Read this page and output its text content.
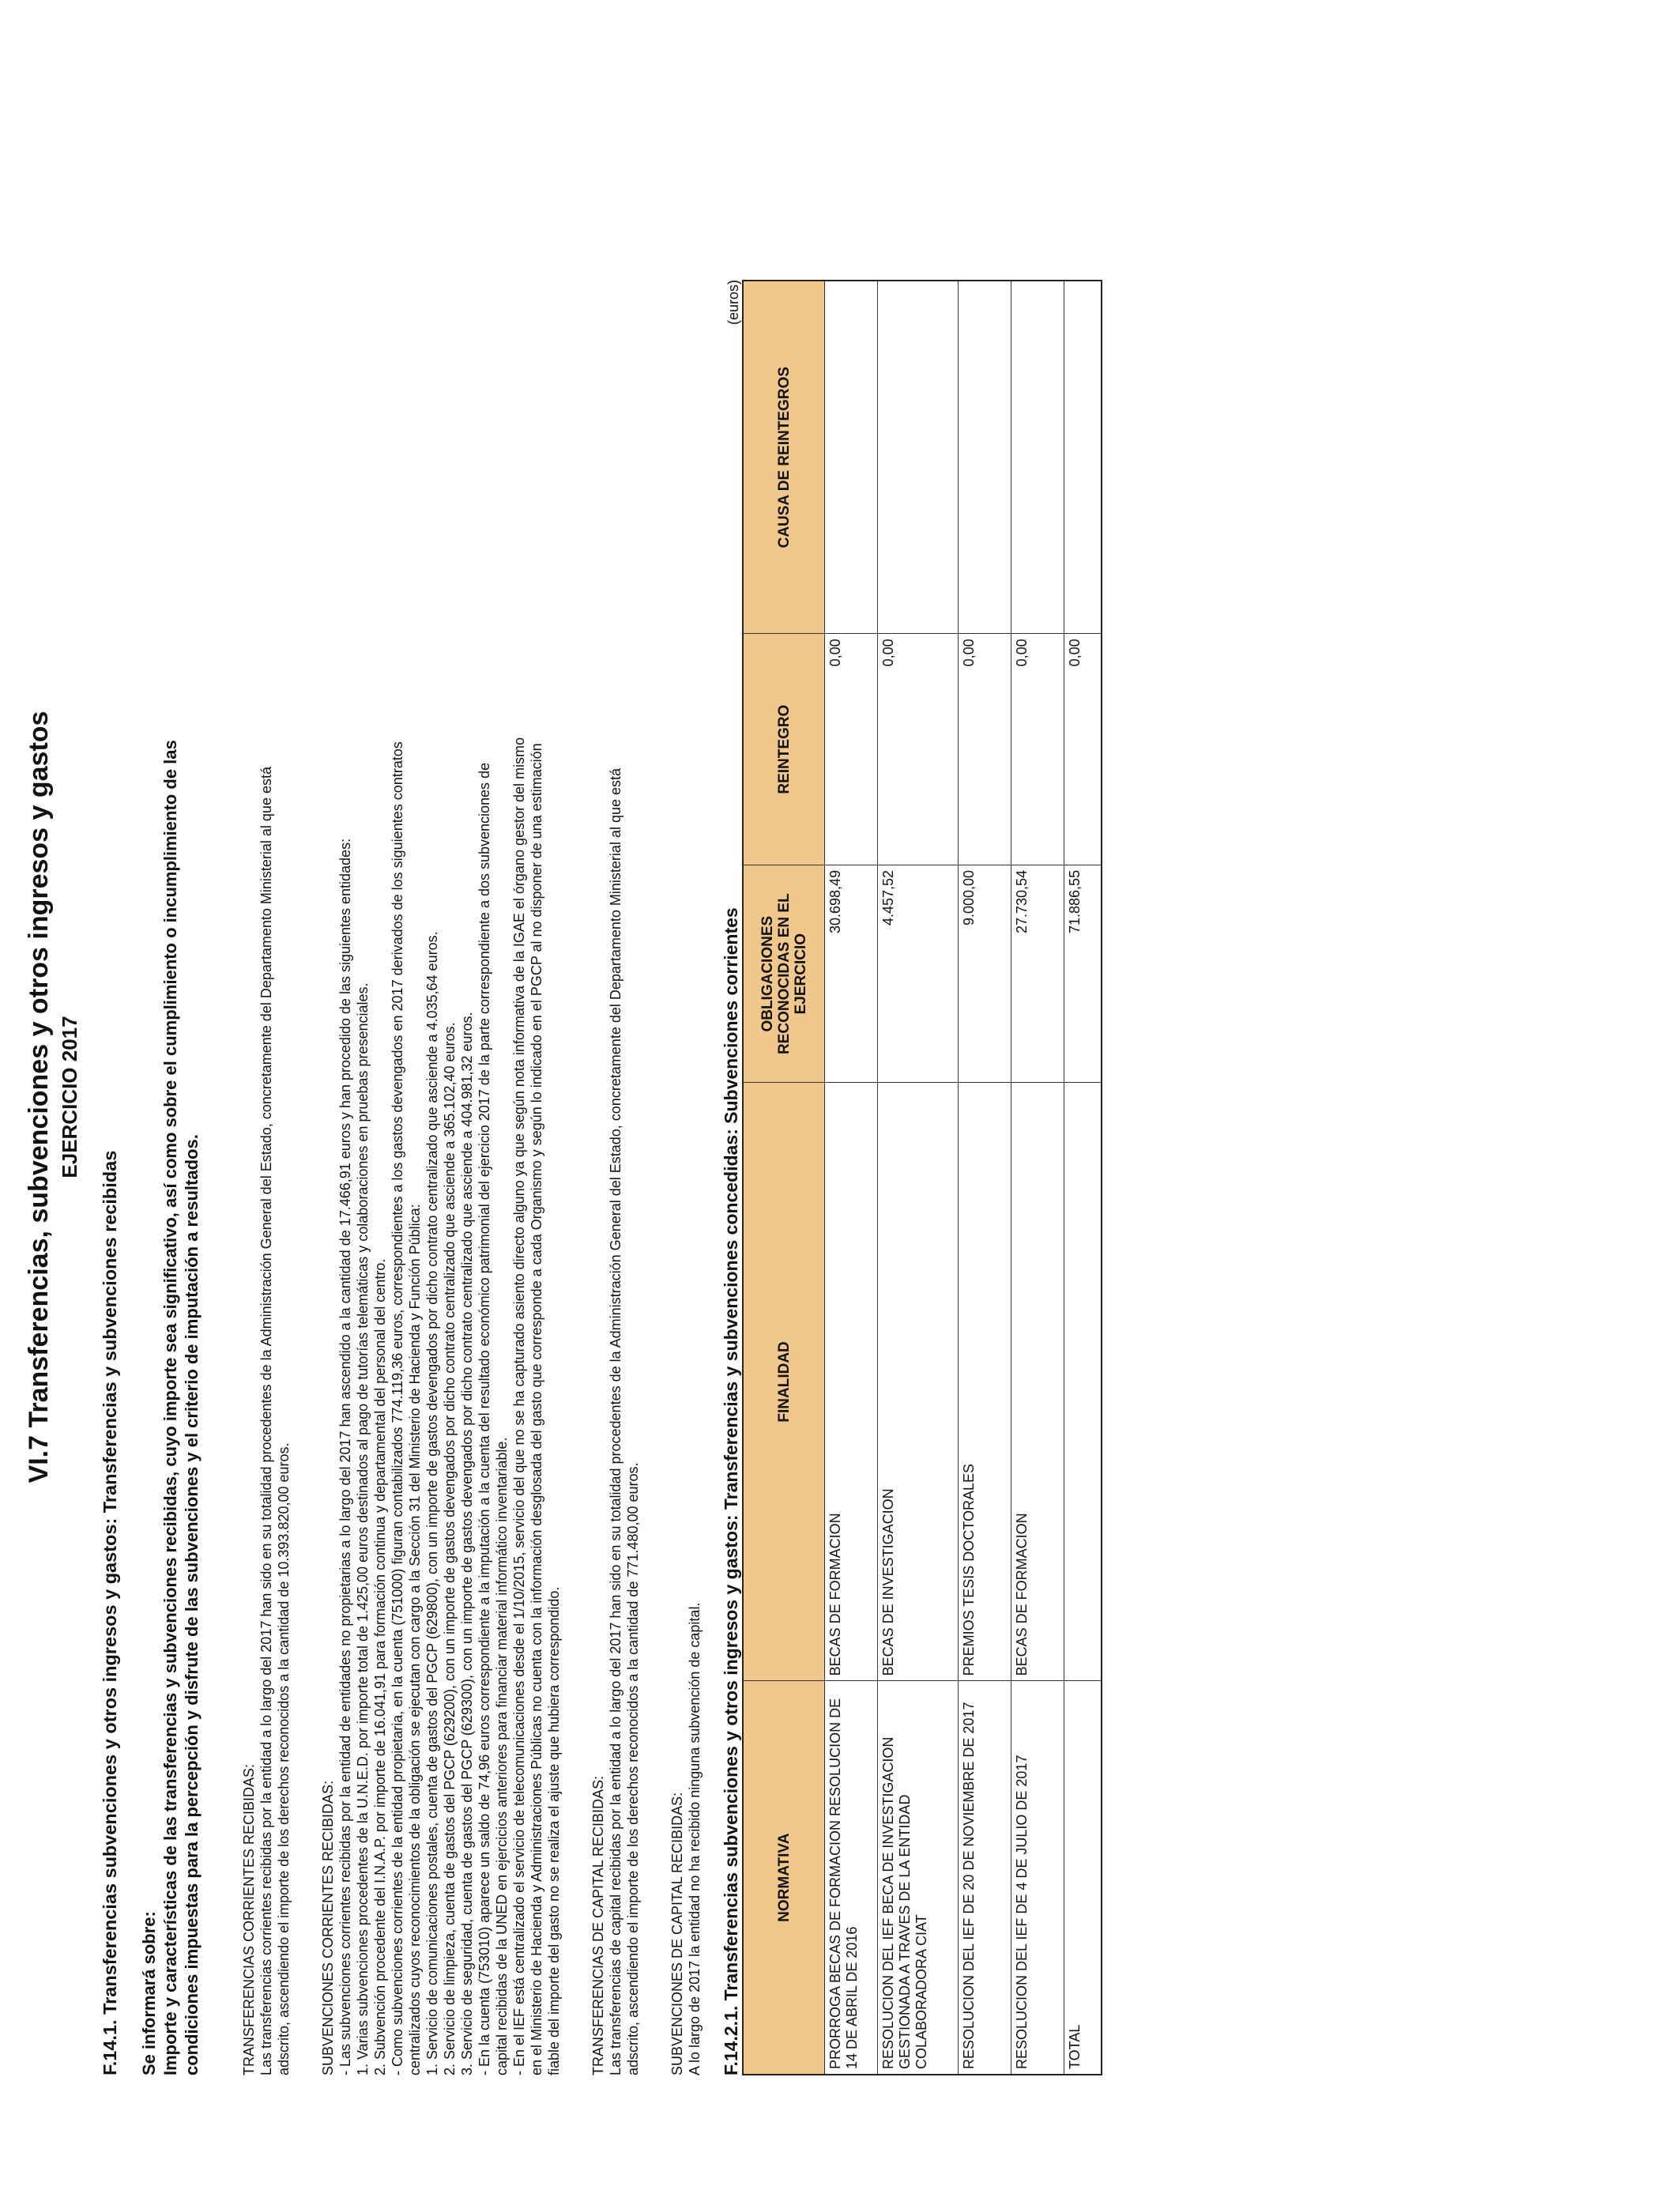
VI.7 Transferencias, subvenciones y otros ingresos y gastos EJERCICIO 2017
F.14.1. Transferencias subvenciones y otros ingresos y gastos: Transferencias y subvenciones recibidas Se informará sobre: Importe y características de las transferencias y subvenciones recibidas, cuyo importe sea significativo, así como sobre el cumplimiento o incumplimiento de las condiciones impuestas para la percepción y disfrute de las subvenciones y el criterio de imputación a resultados.	TRANSFERENCIAS CORRIENTES RECIBIDAS: Las transferencias corrientes recibidas por la entidad a lo largo del 2017 han sido en su totalidad procedentes de la Administración General del Estado, concretamente del Departamento Ministerial al que está adscrito, ascendiendo el importe de los derechos reconocidos a la cantidad de 10.393.820,00 euros. SUBVENCIONES CORRIENTES RECIBIDAS: - Las subvenciones corrientes recibidas por la entidad de entidades no propietarias a lo largo del 2017 han ascendido a la cantidad de 17.466,91 euros y han procedido de las siguientes entidades: 1. Varias subvenciones procedentes de la U.N.E.D. por importe total de 1.425,00 euros destinados al pago de tutorías telemáticas y colaboraciones en pruebas presenciales. 2. Subvención procedente del I.N.A.P. por importe de 16.041,91 para formación continua y departamental del personal del centro. - Como subvenciones corrientes de la entidad propietaria, en la cuenta (751000) figuran contabilizados 774.119,36 euros, correspondientes a los gastos devengados en 2017 derivados de los siguientes contratos centralizados cuyos reconocimientos de la obligación se ejecutan con cargo a la Sección 31 del Ministerio de Hacienda y Función Pública: 1. Servicio de comunicaciones postales, cuenta de gastos del PGCP (629800), con un importe de gastos devengados por dicho contrato centralizado que asciende a 4.035,64 euros. 2. Servicio de limpieza, cuenta de gastos del PGCP (629200), con un importe de gastos devengados por dicho contrato centralizado que asciende a 365.102,40 euros. 3. Servicio de seguridad, cuenta de gastos del PGCP (629300), con un importe de gastos devengados por dicho contrato centralizado que asciende a 404.981,32 euros. - En la cuenta (753010) aparece un saldo de 74,96 euros correspondiente a la imputación a la cuenta del resultado económico patrimonial del ejercicio 2017 de la parte correspondiente a dos subvenciones de capital recibidas de la UNED en ejercicios anteriores para financiar material informático inventariable. - En el IEF está centralizado el servicio de telecomunicaciones desde el 1/10/2015, servicio del que no se ha capturado asiento directo alguno ya que según nota informativa de la IGAE el órgano gestor del mismo en el Ministerio de Hacienda y Administraciones Públicas no cuenta con la información desglosada del gasto que corresponde a cada Organismo y según lo indicado en el PGCP al no disponer de una estimación fiable del importe del gasto no se realiza el ajuste que hubiera correspondido. TRANSFERENCIAS DE CAPITAL RECIBIDAS: Las transferencias de capital recibidas por la entidad a lo largo del 2017 han sido en su totalidad procedentes de la Administración General del Estado, concretamente del Departamento Ministerial al que está adscrito, ascendiendo el importe de los derechos reconocidos a la cantidad de 771.480,00 euros. SUBVENCIONES DE CAPITAL RECIBIDAS: A lo largo de 2017 la entidad no ha recibido ninguna subvención de capital. F.14.2.1. Transferencias subvenciones y otros ingresos y gastos: Transferencias y subvenciones concedidas: Subvenciones corrientes
(euros)
NORMATIVA	FINALIDAD	OBLIGACIONES RECONOCIDAS EN EL EJERCICIO	REINTEGRO	CAUSA DE REINTEGROS
PRORROGA BECAS DE FORMACION RESOLUCION DE 14 DE ABRIL DE 2016	BECAS DE FORMACION	30.698,49	0,00	
RESOLUCION DEL IEF BECA DE INVESTIGACION GESTIONADA A TRAVES DE LA ENTIDAD COLABORADORA CIAT	BECAS DE INVESTIGACION	4.457,52	0,00	
RESOLUCION DEL IEF DE 20 DE NOVIEMBRE DE 2017	PREMIOS TESIS DOCTORALES	9.000,00	0,00	
RESOLUCION DEL IEF DE 4 DE JULIO DE 2017	BECAS DE FORMACION	27.730,54	0,00	
TOTAL		71.886,55	0,00	
